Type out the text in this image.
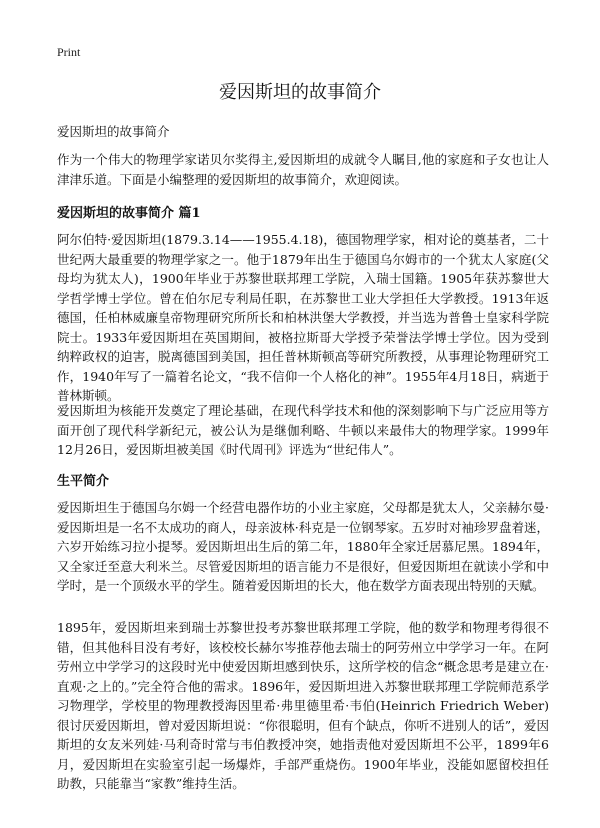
Print
爱因斯坦的故事简介
爱因斯坦的故事简介

作为一个伟大的物理学家诺贝尔奖得主,爱因斯坦的成就令人瞩目,他的家庭和子女也让人津津乐道。下面是小编整理的爱因斯坦的故事简介，欢迎阅读。

爱因斯坦的故事简介 篇1

阿尔伯特·爱因斯坦(1879.3.14——1955.4.18)，德国物理学家，相对论的奠基者，二十世纪两大最重要的物理学家之一。他于1879年出生于德国乌尔姆市的一个犹太人家庭(父母均为犹太人)，1900年毕业于苏黎世联邦理工学院，入瑞士国籍。1905年获苏黎世大学哲学博士学位。曾在伯尔尼专利局任职，在苏黎世工业大学担任大学教授。1913年返德国，任柏林威廉皇帝物理研究所所长和柏林洪堡大学教授，并当选为普鲁士皇家科学院院士。1933年爱因斯坦在英国期间，被格拉斯哥大学授予荣誉法学博士学位。因为受到纳粹政权的迫害，脱离德国到美国，担任普林斯顿高等研究所教授，从事理论物理研究工作，1940年写了一篇着名论文，“我不信仰一个人格化的神”。1955年4月18日，病逝于普林斯顿。

爱因斯坦为核能开发奠定了理论基础，在现代科学技术和他的深刻影响下与广泛应用等方面开创了现代科学新纪元，被公认为是继伽利略、牛顿以来最伟大的物理学家。1999年12月26日，爱因斯坦被美国《时代周刊》评选为“世纪伟人”。

生平简介

爱因斯坦生于德国乌尔姆一个经营电器作坊的小业主家庭，父母都是犹太人，父亲赫尔曼·爱因斯坦是一名不太成功的商人，母亲波林·科克是一位钢琴家。五岁时对袖珍罗盘着迷，六岁开始练习拉小提琴。爱因斯坦出生后的第二年，1880年全家迁居慕尼黑。1894年，又全家迁至意大利米兰。尽管爱因斯坦的语言能力不是很好，但爱因斯坦在就读小学和中学时，是一个顶级水平的学生。随着爱因斯坦的长大，他在数学方面表现出特别的天赋。

1895年，爱因斯坦来到瑞士苏黎世投考苏黎世联邦理工学院，他的数学和物理考得很不错，但其他科目没有考好，该校校长赫尔岑推荐他去瑞士的阿劳州立中学学习一年。在阿劳州立中学学习的这段时光中使爱因斯坦感到快乐，这所学校的信念“概念思考是建立在·直观·之上的。”完全符合他的需求。1896年，爱因斯坦进入苏黎世联邦理工学院师范系学习物理学，学校里的物理教授海因里希·弗里德里希·韦伯(Heinrich Friedrich Weber)很讨厌爱因斯坦，曾对爱因斯坦说：“你很聪明，但有个缺点，你听不进别人的话”，爱因斯坦的女友米列娃·马利奇时常与韦伯教授冲突，她指责他对爱因斯坦不公平，1899年6月，爱因斯坦在实验室引起一场爆炸，手部严重烧伤。1900年毕业，没能如愿留校担任助教，只能靠当“家教”维持生活。
